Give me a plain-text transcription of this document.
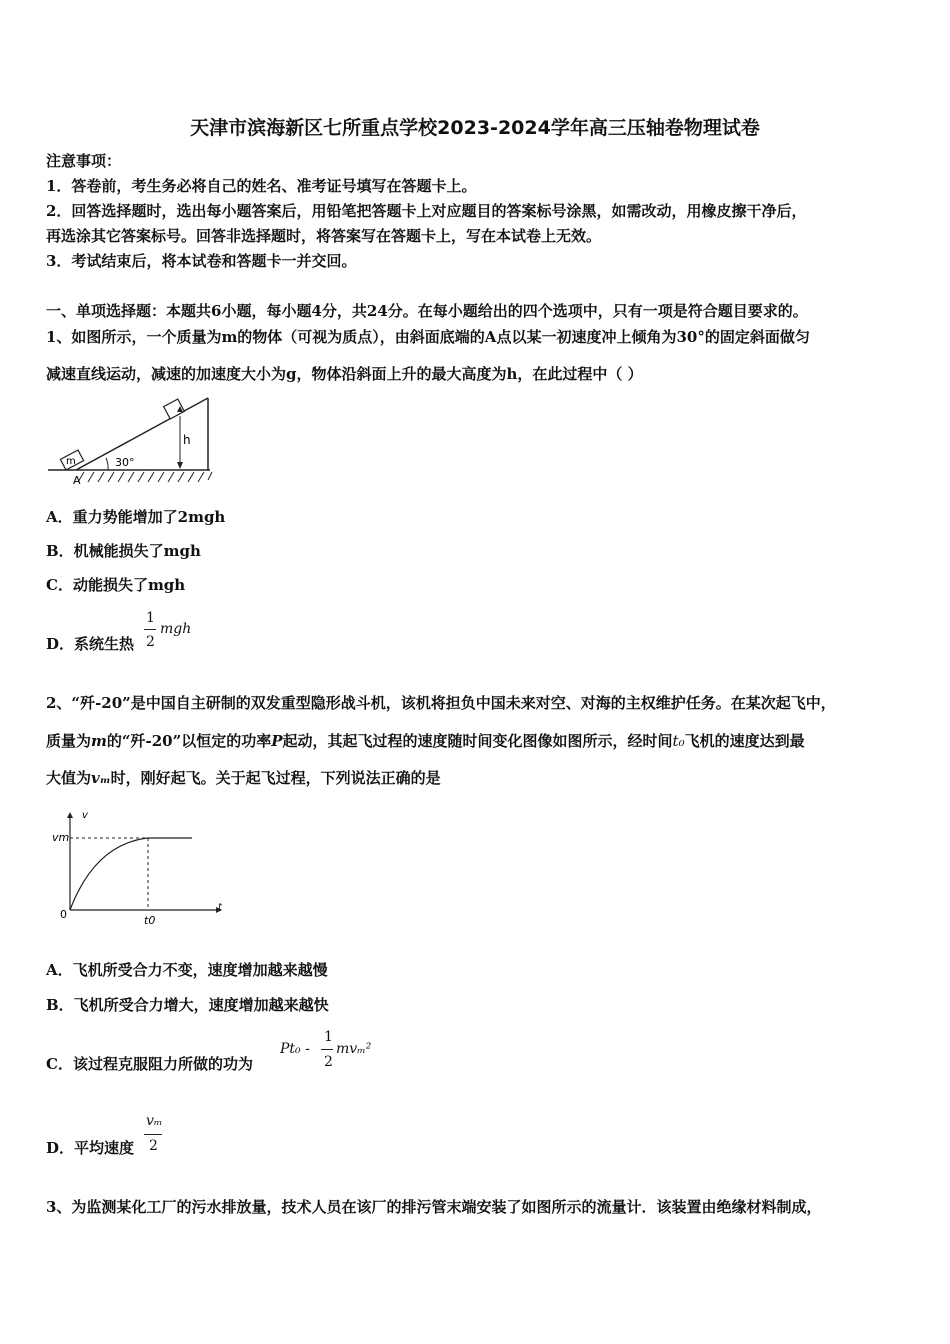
天津市滨海新区七所重点学校2023-2024学年高三压轴卷物理试卷
注意事项：
1．答卷前，考生务必将自己的姓名、准考证号填写在答题卡上。
2．回答选择题时，选出每小题答案后，用铅笔把答题卡上对应题目的答案标号涂黑，如需改动，用橡皮擦干净后，
再选涂其它答案标号。回答非选择题时，将答案写在答题卡上，写在本试卷上无效。
3．考试结束后，将本试卷和答题卡一并交回。
一、单项选择题：本题共6小题，每小题4分，共24分。在每小题给出的四个选项中，只有一项是符合题目要求的。
1、如图所示，一个质量为m的物体（可视为质点），由斜面底端的A点以某一初速度冲上倾角为30°的固定斜面做匀
减速直线运动，减速的加速度大小为g，物体沿斜面上升的最大高度为h，在此过程中（ ）
m	30°
h
A
A．重力势能增加了2mgh
B．机械能损失了mgh
C．动能损失了mgh
D．系统生热
1
2
mgh
2、“歼-20”是中国自主研制的双发重型隐形战斗机，该机将担负中国未来对空、对海的主权维护任务。在某次起飞中，
质量为m的“歼-20”以恒定的功率P起动，其起飞过程的速度随时间变化图像如图所示，经时间t₀飞机的速度达到最
大值为vₘ时，刚好起飞。关于起飞过程，下列说法正确的是
v
t
vm
0	t0
A．飞机所受合力不变，速度增加越来越慢
B．飞机所受合力增大，速度增加越来越快
C．该过程克服阻力所做的功为
Pt₀ -
1
2
mvₘ²
D．平均速度
vₘ
2
3、为监测某化工厂的污水排放量，技术人员在该厂的排污管末端安装了如图所示的流量计．该装置由绝缘材料制成，
